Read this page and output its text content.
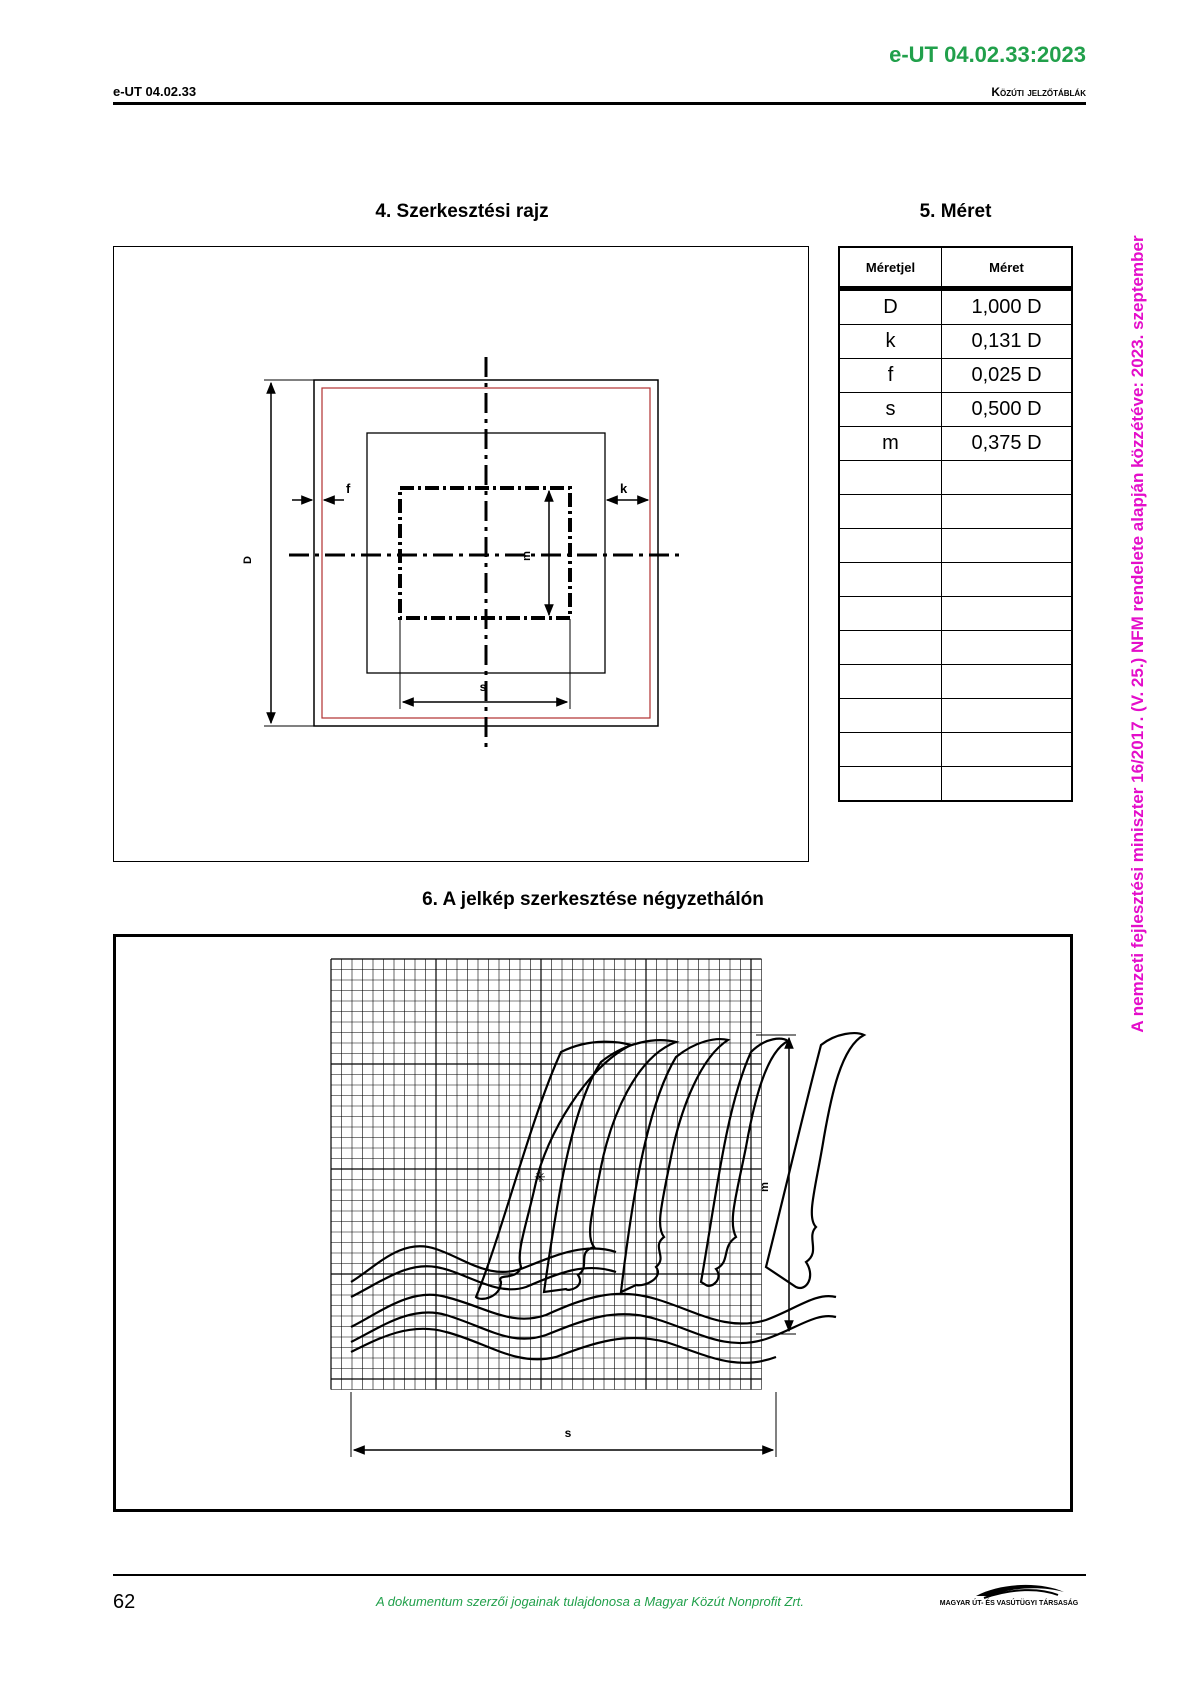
e-UT 04.02.33:2023
e-UT 04.02.33	Közúti jelzőtáblák
4. Szerkesztési rajz	5. Méret
D
f	k
m
s
Méretjel	Méret
D	1,000 D
k	0,131 D
f	0,025 D
s	0,500 D
m	0,375 D

6. A jelkép szerkesztése négyzethálón
✳
m
s
A nemzeti fejlesztési miniszter 16/2017. (V. 25.) NFM rendelete alapján közzétéve: 2023. szeptember
62	A dokumentum szerzői jogainak tulajdonosa a Magyar Közút Nonprofit Zrt.	MAGYAR ÚT- ÉS VASÚTÜGYI TÁRSASÁG
